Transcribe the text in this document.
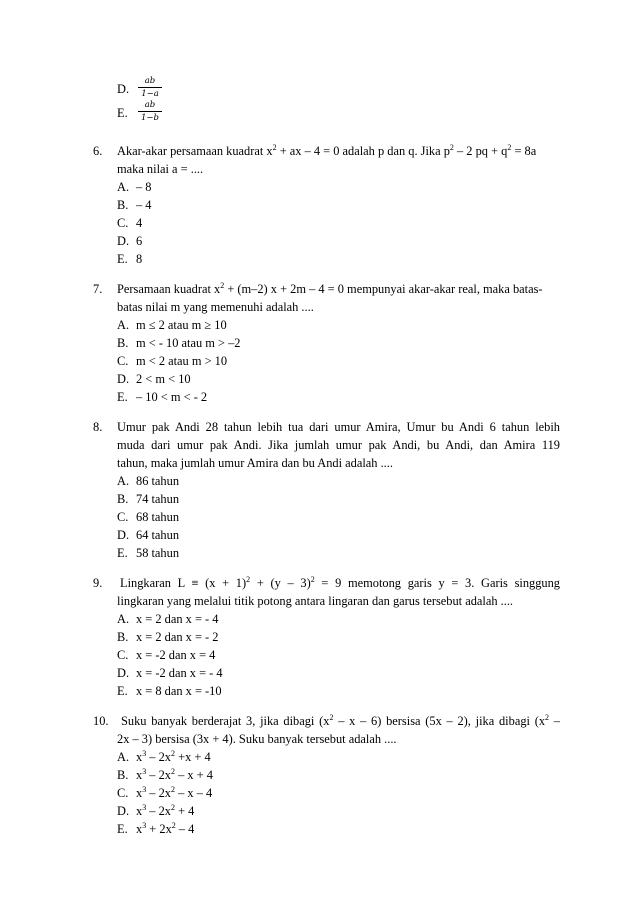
D. $\frac{ab}{1-a}$
E. $\frac{ab}{1-b}$
6. Akar-akar persamaan kuadrat $x^2$ + ax – 4 = 0 adalah p dan q. Jika $p^2 - 2$ pq + $q^2 = 8a$
maka nilai a = ....
A. – 8
B. – 4
C. 4
D. 6
E. 8
7. Persamaan kuadrat $x^2 + (m-2) x + 2m - 4 = 0$ mempunyai akar-akar real, maka batas-
batas nilai m yang memenuhi adalah ....
A. m ≤ 2 atau m ≥ 10
B. m < - 10 atau m > –2
C. m < 2 atau m > 10
D. 2 < m < 10
E. – 10 < m < - 2
8. Umur pak Andi 28 tahun lebih tua dari umur Amira, Umur bu Andi 6 tahun lebih
muda dari umur pak Andi. Jika jumlah umur pak Andi, bu Andi, dan Amira 119
tahun, maka jumlah umur Amira dan bu Andi adalah ....
A. 86 tahun
B. 74 tahun
C. 68 tahun
D. 64 tahun
E. 58 tahun
9. Lingkaran $L \equiv (x + 1)^2 + (y - 3)^2 = 9$ memotong garis y = 3. Garis singgung
lingkaran yang melalui titik potong antara lingaran dan garus tersebut adalah ....
A. x = 2 dan x = - 4
B. x = 2 dan x = - 2
C. x = -2 dan x = 4
D. x = -2 dan x = - 4
E. x = 8 dan x = -10
10. Suku banyak berderajat 3, jika dibagi ($x^2$ – x – 6) bersisa (5x – 2), jika dibagi ($x^2$ –
2x – 3) bersisa (3x + 4). Suku banyak tersebut adalah ....
A. $x^3 - 2x^2 +x + 4$
B. $x^3 - 2x^2 - x + 4$
C. $x^3 - 2x^2$ – x – 4
D. $x^3 - 2x^2 + 4$
E. $x^3 + 2x^2 - 4$
